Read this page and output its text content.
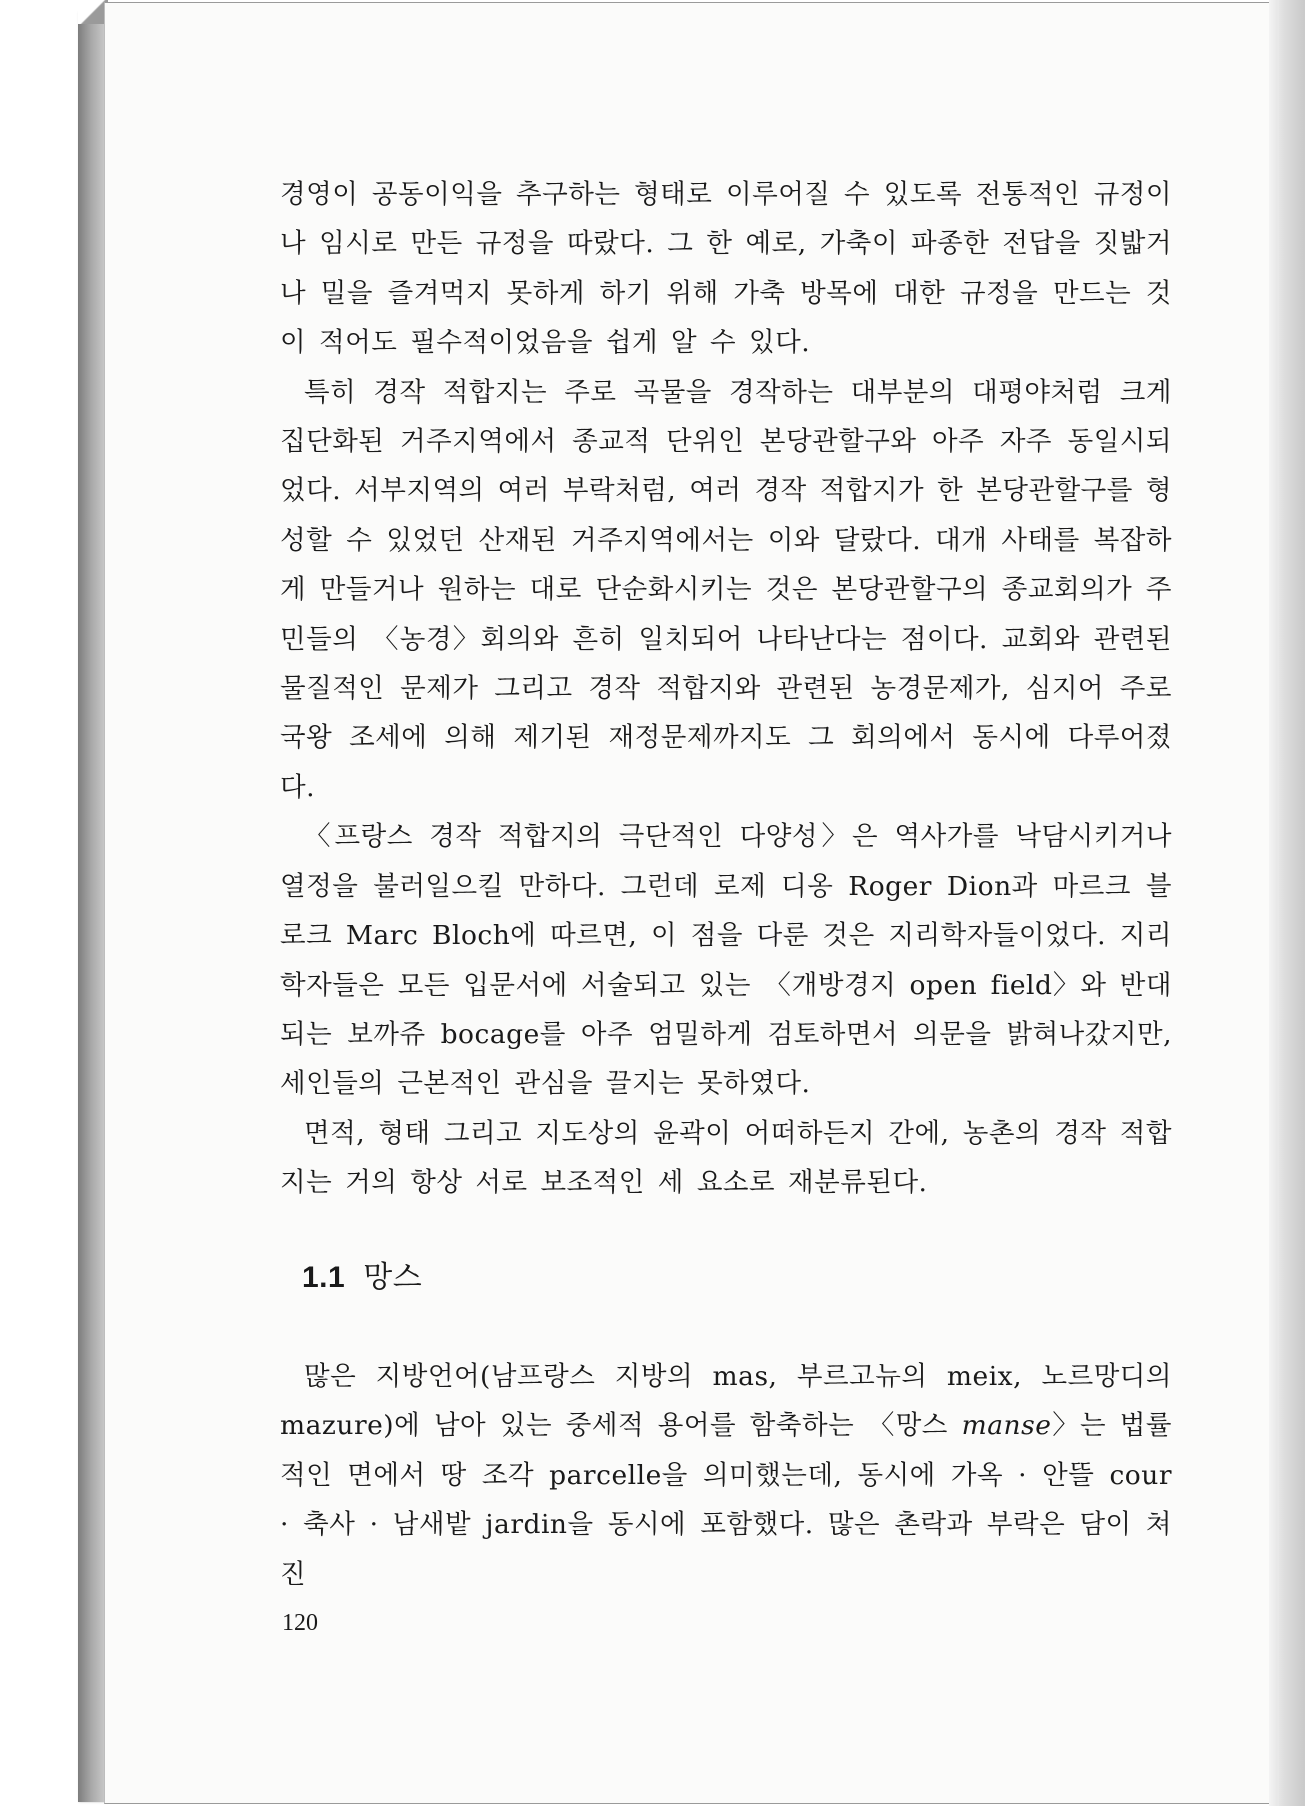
경영이 공동이익을 추구하는 형태로 이루어질 수 있도록 전통적인 규정이나 임시로 만든 규정을 따랐다. 그 한 예로, 가축이 파종한 전답을 짓밟거나 밀을 즐겨먹지 못하게 하기 위해 가축 방목에 대한 규정을 만드는 것이 적어도 필수적이었음을 쉽게 알 수 있다.

특히 경작 적합지는 주로 곡물을 경작하는 대부분의 대평야처럼 크게 집단화된 거주지역에서 종교적 단위인 본당관할구와 아주 자주 동일시되었다. 서부지역의 여러 부락처럼, 여러 경작 적합지가 한 본당관할구를 형성할 수 있었던 산재된 거주지역에서는 이와 달랐다. 대개 사태를 복잡하게 만들거나 원하는 대로 단순화시키는 것은 본당관할구의 종교회의가 주민들의 〈농경〉회의와 흔히 일치되어 나타난다는 점이다. 교회와 관련된 물질적인 문제가 그리고 경작 적합지와 관련된 농경문제가, 심지어 주로 국왕 조세에 의해 제기된 재정문제까지도 그 회의에서 동시에 다루어졌다.

〈프랑스 경작 적합지의 극단적인 다양성〉은 역사가를 낙담시키거나 열정을 불러일으킬 만하다. 그런데 로제 디옹 Roger Dion과 마르크 블로크 Marc Bloch에 따르면, 이 점을 다룬 것은 지리학자들이었다. 지리학자들은 모든 입문서에 서술되고 있는 〈개방경지 open field〉와 반대되는 보까쥬 bocage를 아주 엄밀하게 검토하면서 의문을 밝혀나갔지만, 세인들의 근본적인 관심을 끌지는 못하였다.

면적, 형태 그리고 지도상의 윤곽이 어떠하든지 간에, 농촌의 경작 적합지는 거의 항상 서로 보조적인 세 요소로 재분류된다.

1.1 망스

많은 지방언어(남프랑스 지방의 mas, 부르고뉴의 meix, 노르망디의 mazure)에 남아 있는 중세적 용어를 함축하는 〈망스 manse〉는 법률적인 면에서 땅 조각 parcelle을 의미했는데, 동시에 가옥 · 안뜰 cour · 축사 · 남새밭 jardin을 동시에 포함했다. 많은 촌락과 부락은 담이 쳐진

120
